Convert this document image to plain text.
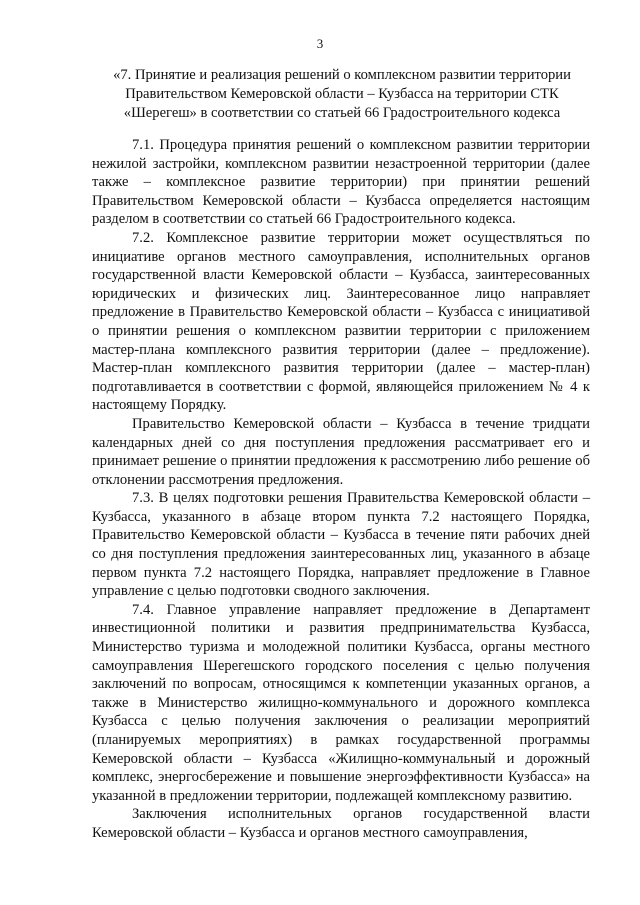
3
«7. Принятие и реализация решений о комплексном развитии территории Правительством Кемеровской области – Кузбасса на территории СТК «Шерегеш» в соответствии со статьей 66 Градостроительного кодекса

7.1. Процедура принятия решений о комплексном развитии территории нежилой застройки, комплексном развитии незастроенной территории (далее также – комплексное развитие территории) при принятии решений Правительством Кемеровской области – Кузбасса определяется настоящим разделом в соответствии со статьей 66 Градостроительного кодекса.

7.2. Комплексное развитие территории может осуществляться по инициативе органов местного самоуправления, исполнительных органов государственной власти Кемеровской области – Кузбасса, заинтересованных юридических и физических лиц. Заинтересованное лицо направляет предложение в Правительство Кемеровской области – Кузбасса с инициативой о принятии решения о комплексном развитии территории с приложением мастер-плана комплексного развития территории (далее – предложение). Мастер-план комплексного развития территории (далее – мастер-план) подготавливается в соответствии с формой, являющейся приложением № 4 к настоящему Порядку.

Правительство Кемеровской области – Кузбасса в течение тридцати календарных дней со дня поступления предложения рассматривает его и принимает решение о принятии предложения к рассмотрению либо решение об отклонении рассмотрения предложения.

7.3. В целях подготовки решения Правительства Кемеровской области – Кузбасса, указанного в абзаце втором пункта 7.2 настоящего Порядка, Правительство Кемеровской области – Кузбасса в течение пяти рабочих дней со дня поступления предложения заинтересованных лиц, указанного в абзаце первом пункта 7.2 настоящего Порядка, направляет предложение в Главное управление с целью подготовки сводного заключения.

7.4. Главное управление направляет предложение в Департамент инвестиционной политики и развития предпринимательства Кузбасса, Министерство туризма и молодежной политики Кузбасса, органы местного самоуправления Шерегешского городского поселения с целью получения заключений по вопросам, относящимся к компетенции указанных органов, а также в Министерство жилищно-коммунального и дорожного комплекса Кузбасса с целью получения заключения о реализации мероприятий (планируемых мероприятиях) в рамках государственной программы Кемеровской области – Кузбасса «Жилищно-коммунальный и дорожный комплекс, энергосбережение и повышение энергоэффективности Кузбасса» на указанной в предложении территории, подлежащей комплексному развитию.

Заключения исполнительных органов государственной власти Кемеровской области – Кузбасса и органов местного самоуправления,
